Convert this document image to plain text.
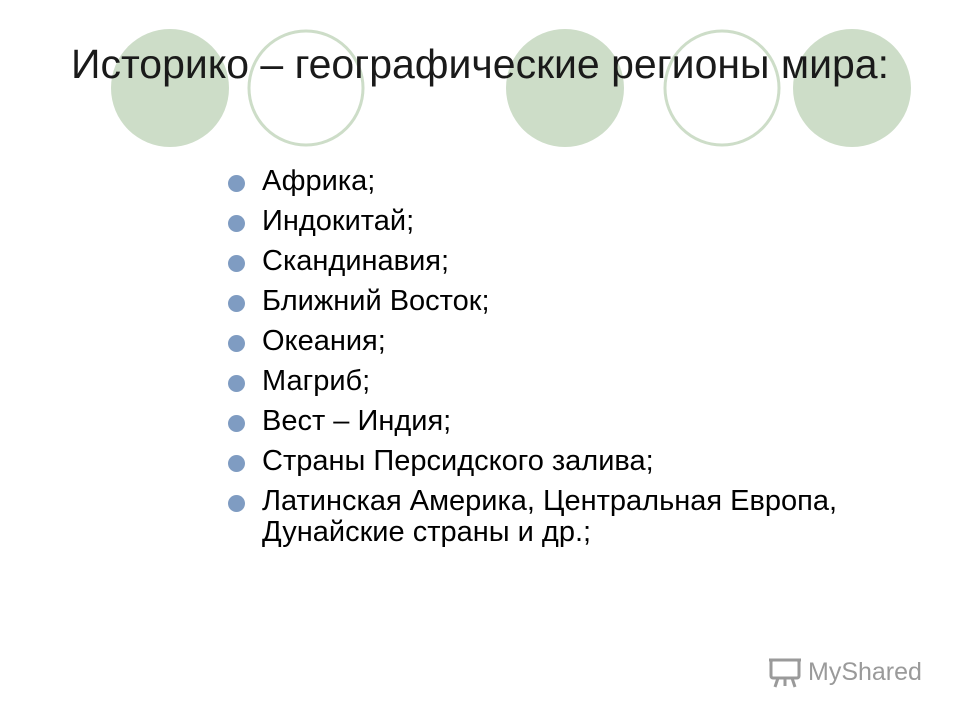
Историко – географические регионы мира:
Африка;
Индокитай;
Скандинавия;
Ближний Восток;
Океания;
Магриб;
Вест – Индия;
Страны Персидского залива;
Латинская Америка, Центральная Европа, Дунайские страны и др.;
MyShared
